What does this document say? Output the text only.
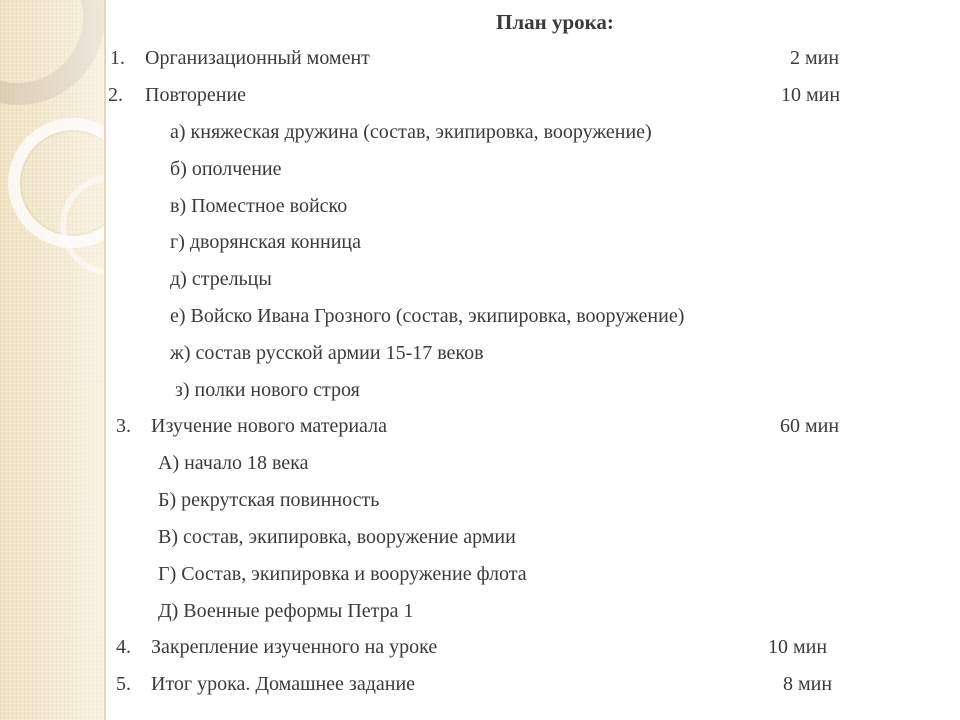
План урока:
1. Организационный момент	2 мин
2. Повторение	10 мин
а) княжеская дружина (состав, экипировка, вооружение)
б) ополчение
в) Поместное войско
г) дворянская конница
д) стрельцы
е) Войско Ивана Грозного (состав, экипировка, вооружение)
ж) состав русской армии 15-17 веков
з) полки нового строя
3. Изучение нового материала	60 мин
А) начало 18 века
Б) рекрутская повинность
В) состав, экипировка, вооружение армии
Г) Состав, экипировка и вооружение флота
Д) Военные реформы Петра 1
4. Закрепление изученного на уроке	10 мин
5. Итог урока. Домашнее задание	8 мин
